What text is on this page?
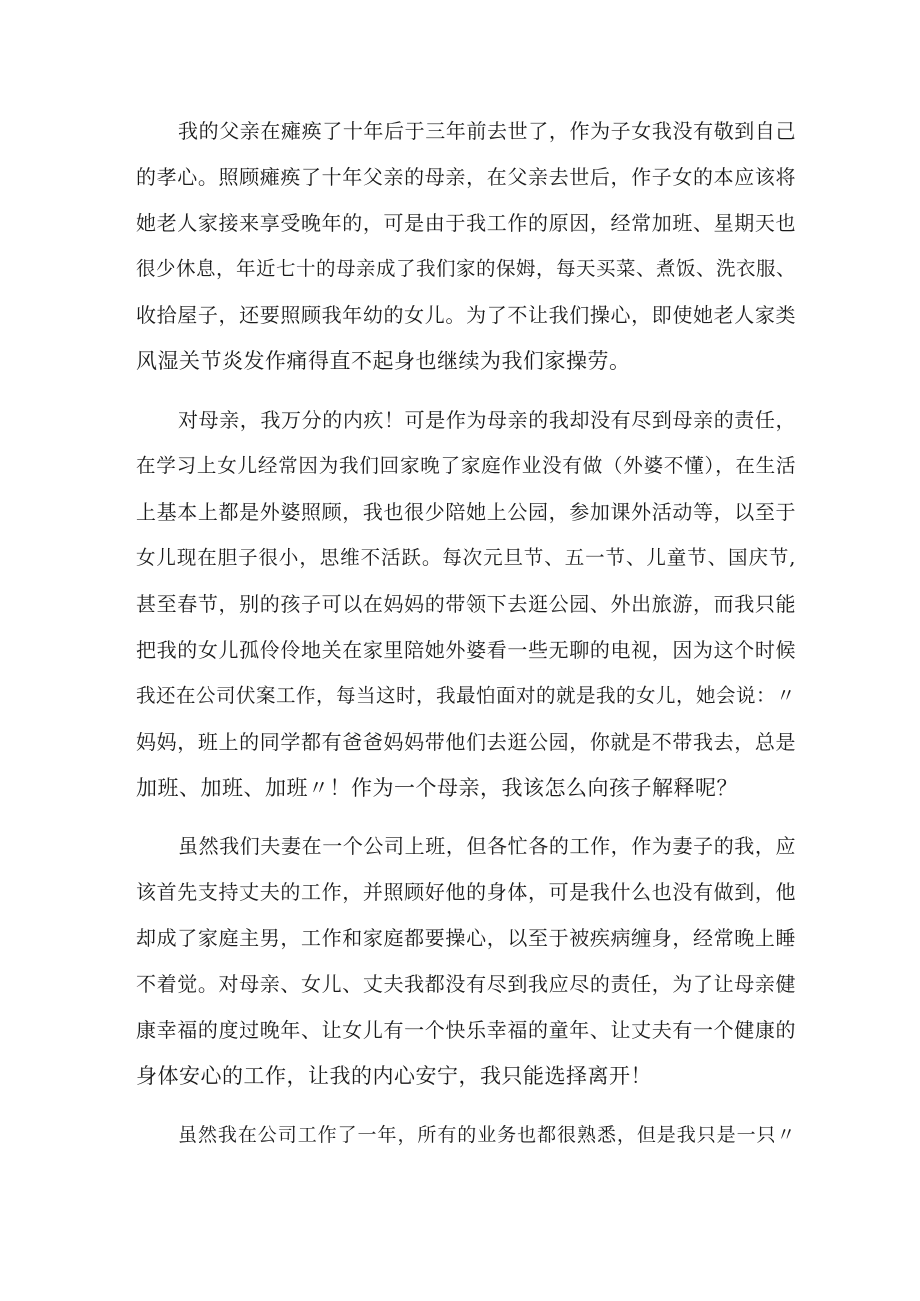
我的父亲在瘫痪了十年后于三年前去世了，作为子女我没有敬到自己
的孝心。照顾瘫痪了十年父亲的母亲，在父亲去世后，作子女的本应该将
她老人家接来享受晚年的，可是由于我工作的原因，经常加班、星期天也
很少休息，年近七十的母亲成了我们家的保姆，每天买菜、煮饭、洗衣服、
收拾屋子，还要照顾我年幼的女儿。为了不让我们操心，即使她老人家类
风湿关节炎发作痛得直不起身也继续为我们家操劳。
对母亲，我万分的内疚！可是作为母亲的我却没有尽到母亲的责任，
在学习上女儿经常因为我们回家晚了家庭作业没有做（外婆不懂），在生活
上基本上都是外婆照顾，我也很少陪她上公园，参加课外活动等，以至于
女儿现在胆子很小，思维不活跃。每次元旦节、五一节、儿童节、国庆节,
甚至春节，别的孩子可以在妈妈的带领下去逛公园、外出旅游，而我只能
把我的女儿孤伶伶地关在家里陪她外婆看一些无聊的电视，因为这个时候
我还在公司伏案工作，每当这时，我最怕面对的就是我的女儿，她会说：〃
妈妈，班上的同学都有爸爸妈妈带他们去逛公园，你就是不带我去，总是
加班、加班、加班〃！作为一个母亲，我该怎么向孩子解释呢？
虽然我们夫妻在一个公司上班，但各忙各的工作，作为妻子的我，应
该首先支持丈夫的工作，并照顾好他的身体，可是我什么也没有做到，他
却成了家庭主男，工作和家庭都要操心，以至于被疾病缠身，经常晚上睡
不着觉。对母亲、女儿、丈夫我都没有尽到我应尽的责任，为了让母亲健
康幸福的度过晚年、让女儿有一个快乐幸福的童年、让丈夫有一个健康的
身体安心的工作，让我的内心安宁，我只能选择离开！
虽然我在公司工作了一年，所有的业务也都很熟悉，但是我只是一只〃
